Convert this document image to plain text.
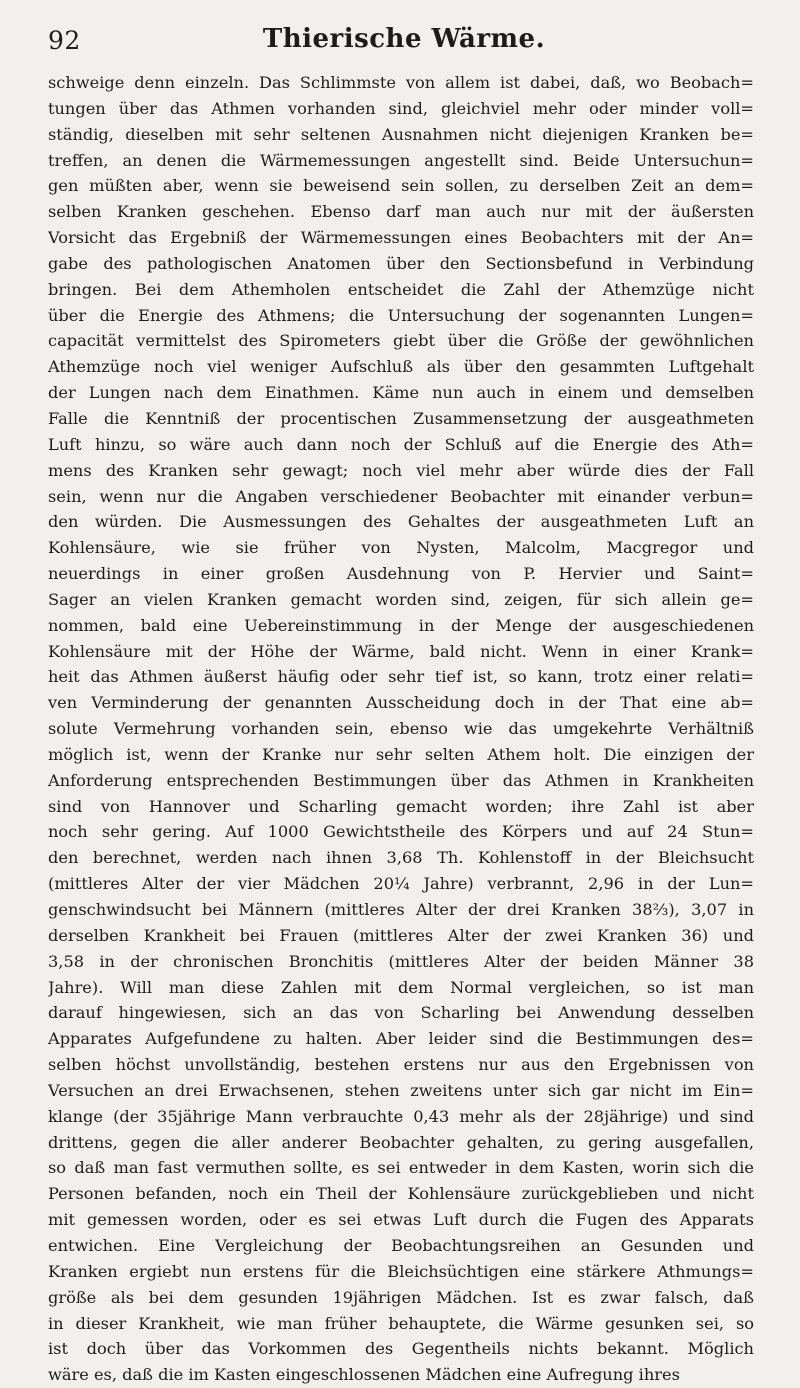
92	Thierische Wärme.
schweige denn einzeln. Das Schlimmste von allem ist dabei, daß, wo Beobach=
tungen über das Athmen vorhanden sind, gleichviel mehr oder minder voll=
ständig, dieselben mit sehr seltenen Ausnahmen nicht diejenigen Kranken be=
treffen, an denen die Wärmemessungen angestellt sind. Beide Untersuchun=
gen müßten aber, wenn sie beweisend sein sollen, zu derselben Zeit an dem=
selben Kranken geschehen. Ebenso darf man auch nur mit der äußersten
Vorsicht das Ergebniß der Wärmemessungen eines Beobachters mit der An=
gabe des pathologischen Anatomen über den Sectionsbefund in Verbindung
bringen. Bei dem Athemholen entscheidet die Zahl der Athemzüge nicht
über die Energie des Athmens; die Untersuchung der sogenannten Lungen=
capacität vermittelst des Spirometers giebt über die Größe der gewöhnlichen
Athemzüge noch viel weniger Aufschluß als über den gesammten Luftgehalt
der Lungen nach dem Einathmen. Käme nun auch in einem und demselben
Falle die Kenntniß der procentischen Zusammensetzung der ausgeathmeten
Luft hinzu, so wäre auch dann noch der Schluß auf die Energie des Ath=
mens des Kranken sehr gewagt; noch viel mehr aber würde dies der Fall
sein, wenn nur die Angaben verschiedener Beobachter mit einander verbun=
den würden. Die Ausmessungen des Gehaltes der ausgeathmeten Luft an
Kohlensäure, wie sie früher von Nysten, Malcolm, Macgregor und
neuerdings in einer großen Ausdehnung von P. Hervier und Saint=
Sager an vielen Kranken gemacht worden sind, zeigen, für sich allein ge=
nommen, bald eine Uebereinstimmung in der Menge der ausgeschiedenen
Kohlensäure mit der Höhe der Wärme, bald nicht. Wenn in einer Krank=
heit das Athmen äußerst häufig oder sehr tief ist, so kann, trotz einer relati=
ven Verminderung der genannten Ausscheidung doch in der That eine ab=
solute Vermehrung vorhanden sein, ebenso wie das umgekehrte Verhältniß
möglich ist, wenn der Kranke nur sehr selten Athem holt. Die einzigen der
Anforderung entsprechenden Bestimmungen über das Athmen in Krankheiten
sind von Hannover und Scharling gemacht worden; ihre Zahl ist aber
noch sehr gering. Auf 1000 Gewichtstheile des Körpers und auf 24 Stun=
den berechnet, werden nach ihnen 3,68 Th. Kohlenstoff in der Bleichsucht
(mittleres Alter der vier Mädchen 20¼ Jahre) verbrannt, 2,96 in der Lun=
genschwindsucht bei Männern (mittleres Alter der drei Kranken 38⅔), 3,07 in
derselben Krankheit bei Frauen (mittleres Alter der zwei Kranken 36) und
3,58 in der chronischen Bronchitis (mittleres Alter der beiden Männer 38
Jahre). Will man diese Zahlen mit dem Normal vergleichen, so ist man
darauf hingewiesen, sich an das von Scharling bei Anwendung desselben
Apparates Aufgefundene zu halten. Aber leider sind die Bestimmungen des=
selben höchst unvollständig, bestehen erstens nur aus den Ergebnissen von
Versuchen an drei Erwachsenen, stehen zweitens unter sich gar nicht im Ein=
klange (der 35jährige Mann verbrauchte 0,43 mehr als der 28jährige) und sind
drittens, gegen die aller anderer Beobachter gehalten, zu gering ausgefallen,
so daß man fast vermuthen sollte, es sei entweder in dem Kasten, worin sich die
Personen befanden, noch ein Theil der Kohlensäure zurückgeblieben und nicht
mit gemessen worden, oder es sei etwas Luft durch die Fugen des Apparats
entwichen. Eine Vergleichung der Beobachtungsreihen an Gesunden und
Kranken ergiebt nun erstens für die Bleichsüchtigen eine stärkere Athmungs=
größe als bei dem gesunden 19jährigen Mädchen. Ist es zwar falsch, daß
in dieser Krankheit, wie man früher behauptete, die Wärme gesunken sei, so
ist doch über das Vorkommen des Gegentheils nichts bekannt. Möglich
wäre es, daß die im Kasten eingeschlossenen Mädchen eine Aufregung ihres
